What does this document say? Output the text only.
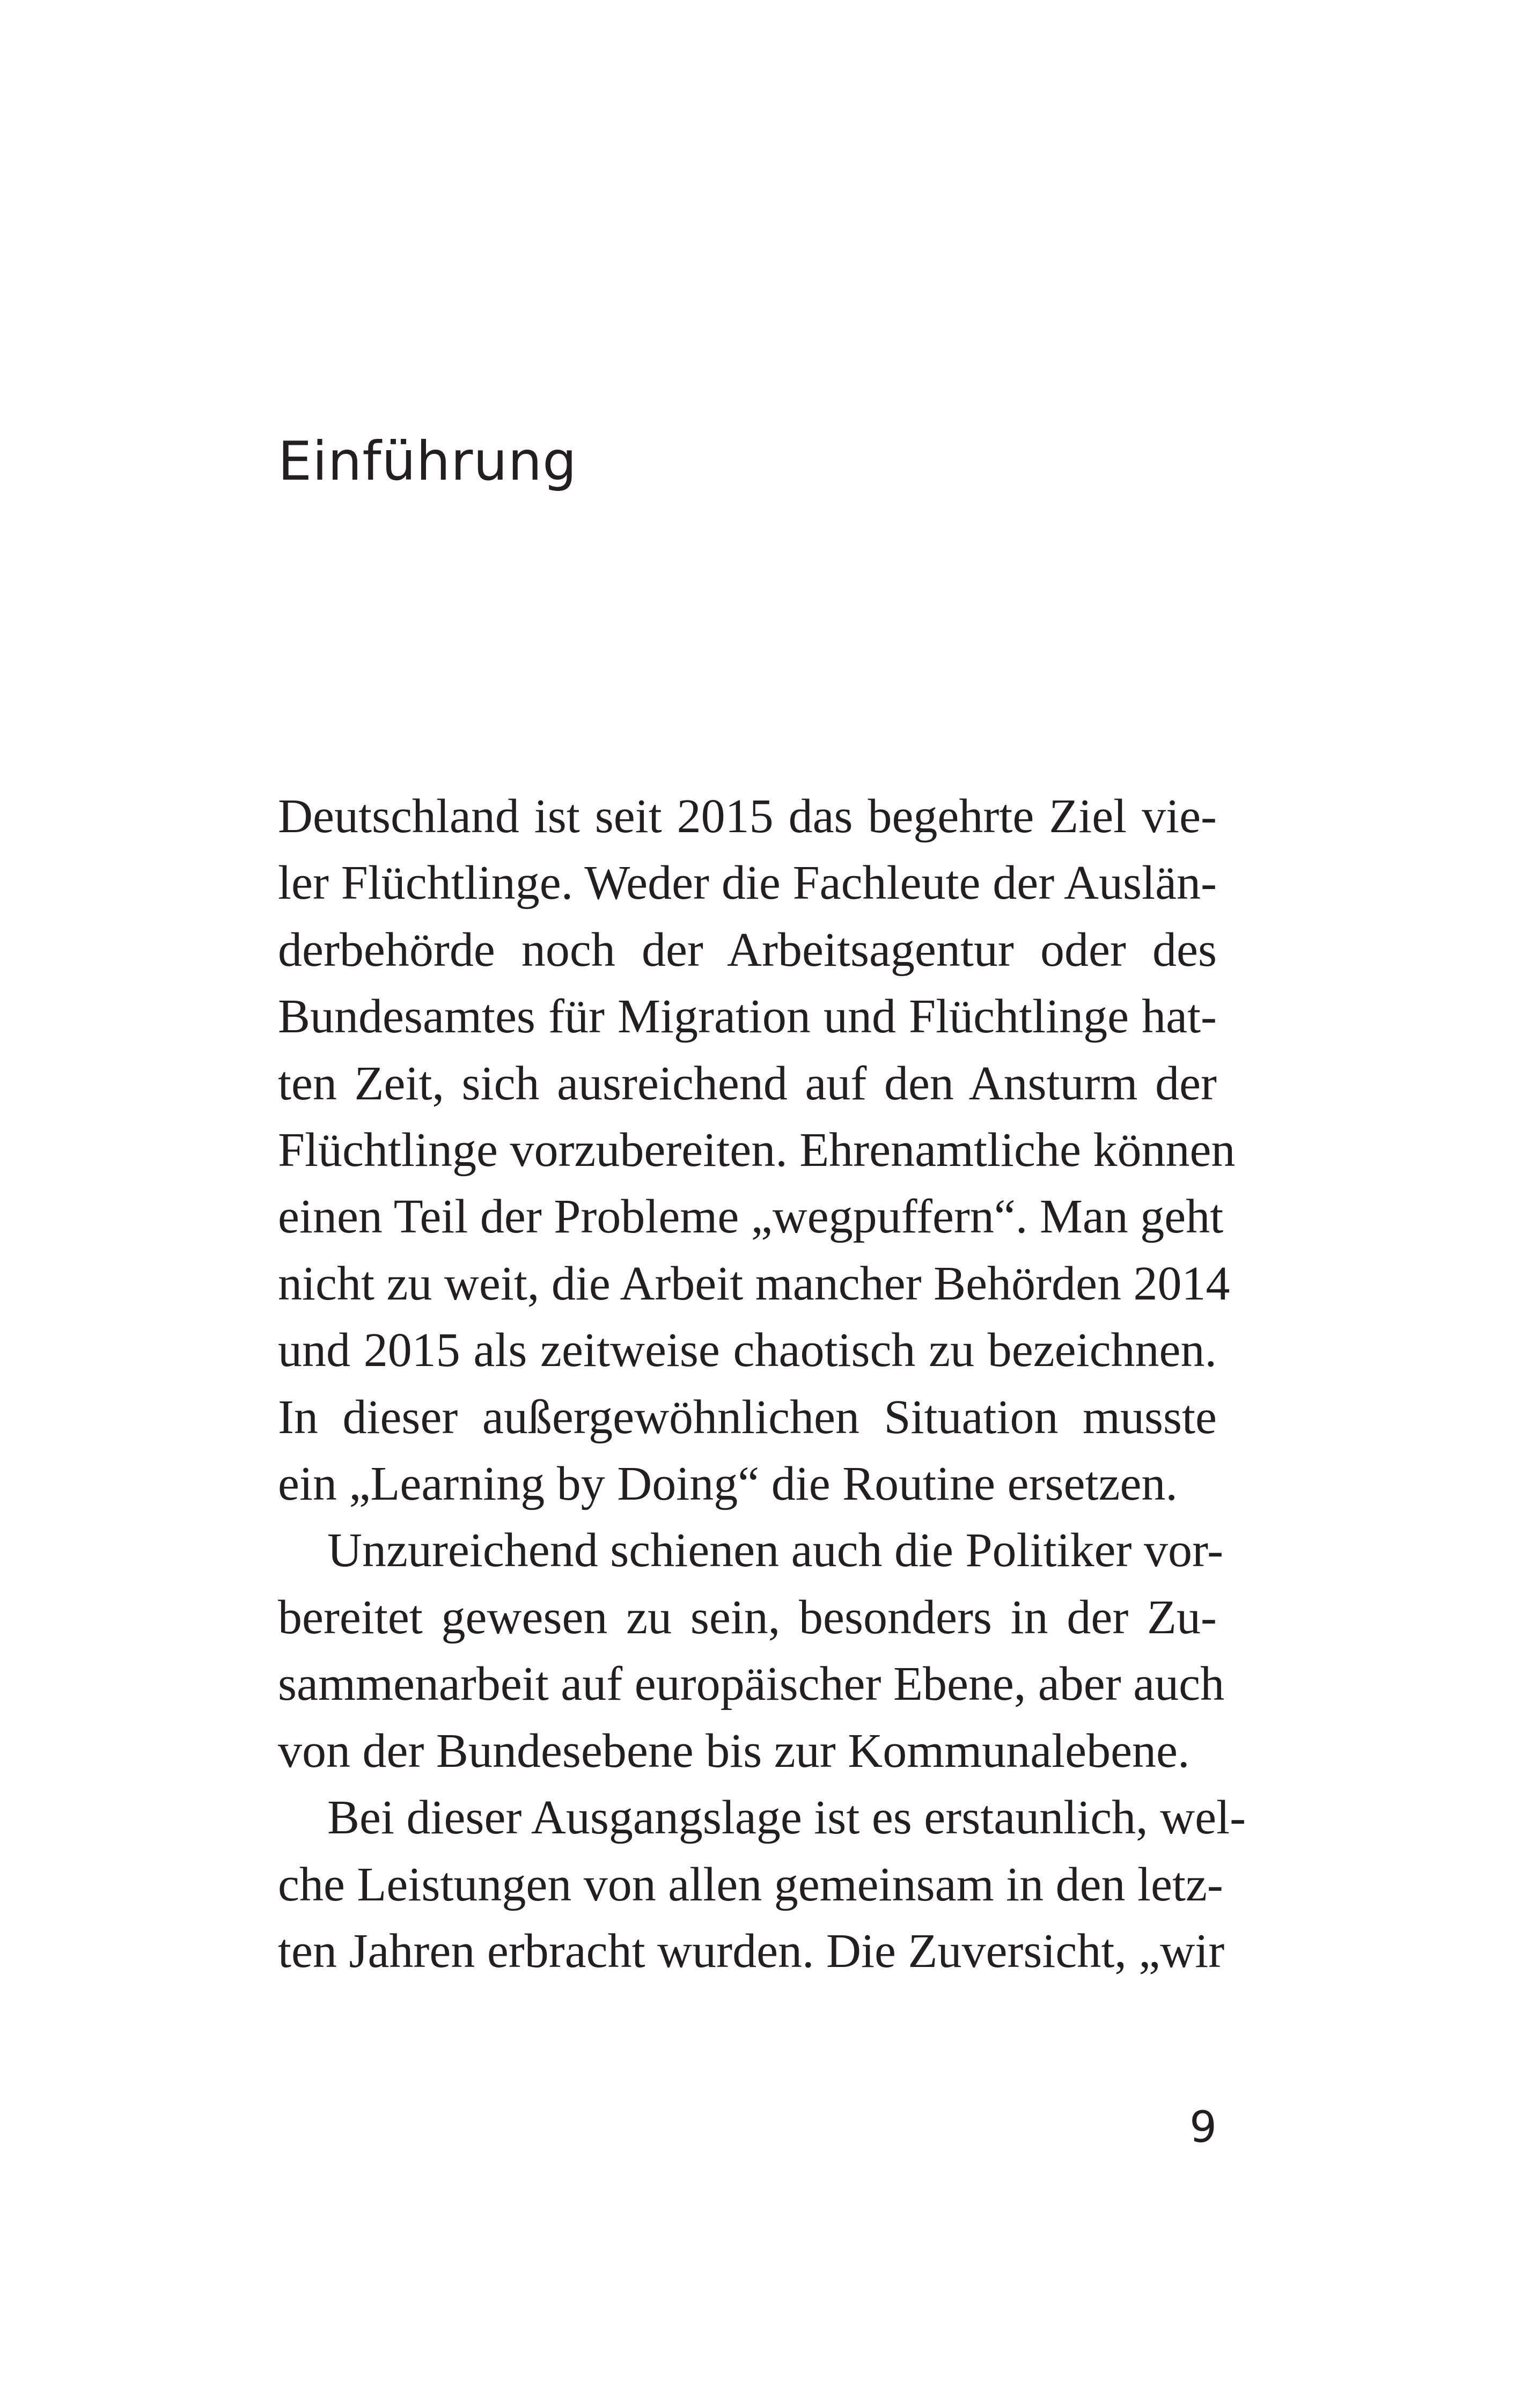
Einführung

Deutschland ist seit 2015 das begehrte Ziel vie-
ler Flüchtlinge. Weder die Fachleute der Auslän-
derbehörde noch der Arbeitsagentur oder des
Bundesamtes für Migration und Flüchtlinge hat-
ten Zeit, sich ausreichend auf den Ansturm der
Flüchtlinge vorzubereiten. Ehrenamtliche können
einen Teil der Probleme „wegpuffern“. Man geht
nicht zu weit, die Arbeit mancher Behörden 2014
und 2015 als zeitweise chaotisch zu bezeichnen.
In dieser außergewöhnlichen Situation musste
ein „Learning by Doing“ die Routine ersetzen.

Unzureichend schienen auch die Politiker vor-
bereitet gewesen zu sein, besonders in der Zu-
sammenarbeit auf europäischer Ebene, aber auch
von der Bundesebene bis zur Kommunalebene.

Bei dieser Ausgangslage ist es erstaunlich, wel-
che Leistungen von allen gemeinsam in den letz-
ten Jahren erbracht wurden. Die Zuversicht, „wir

9
